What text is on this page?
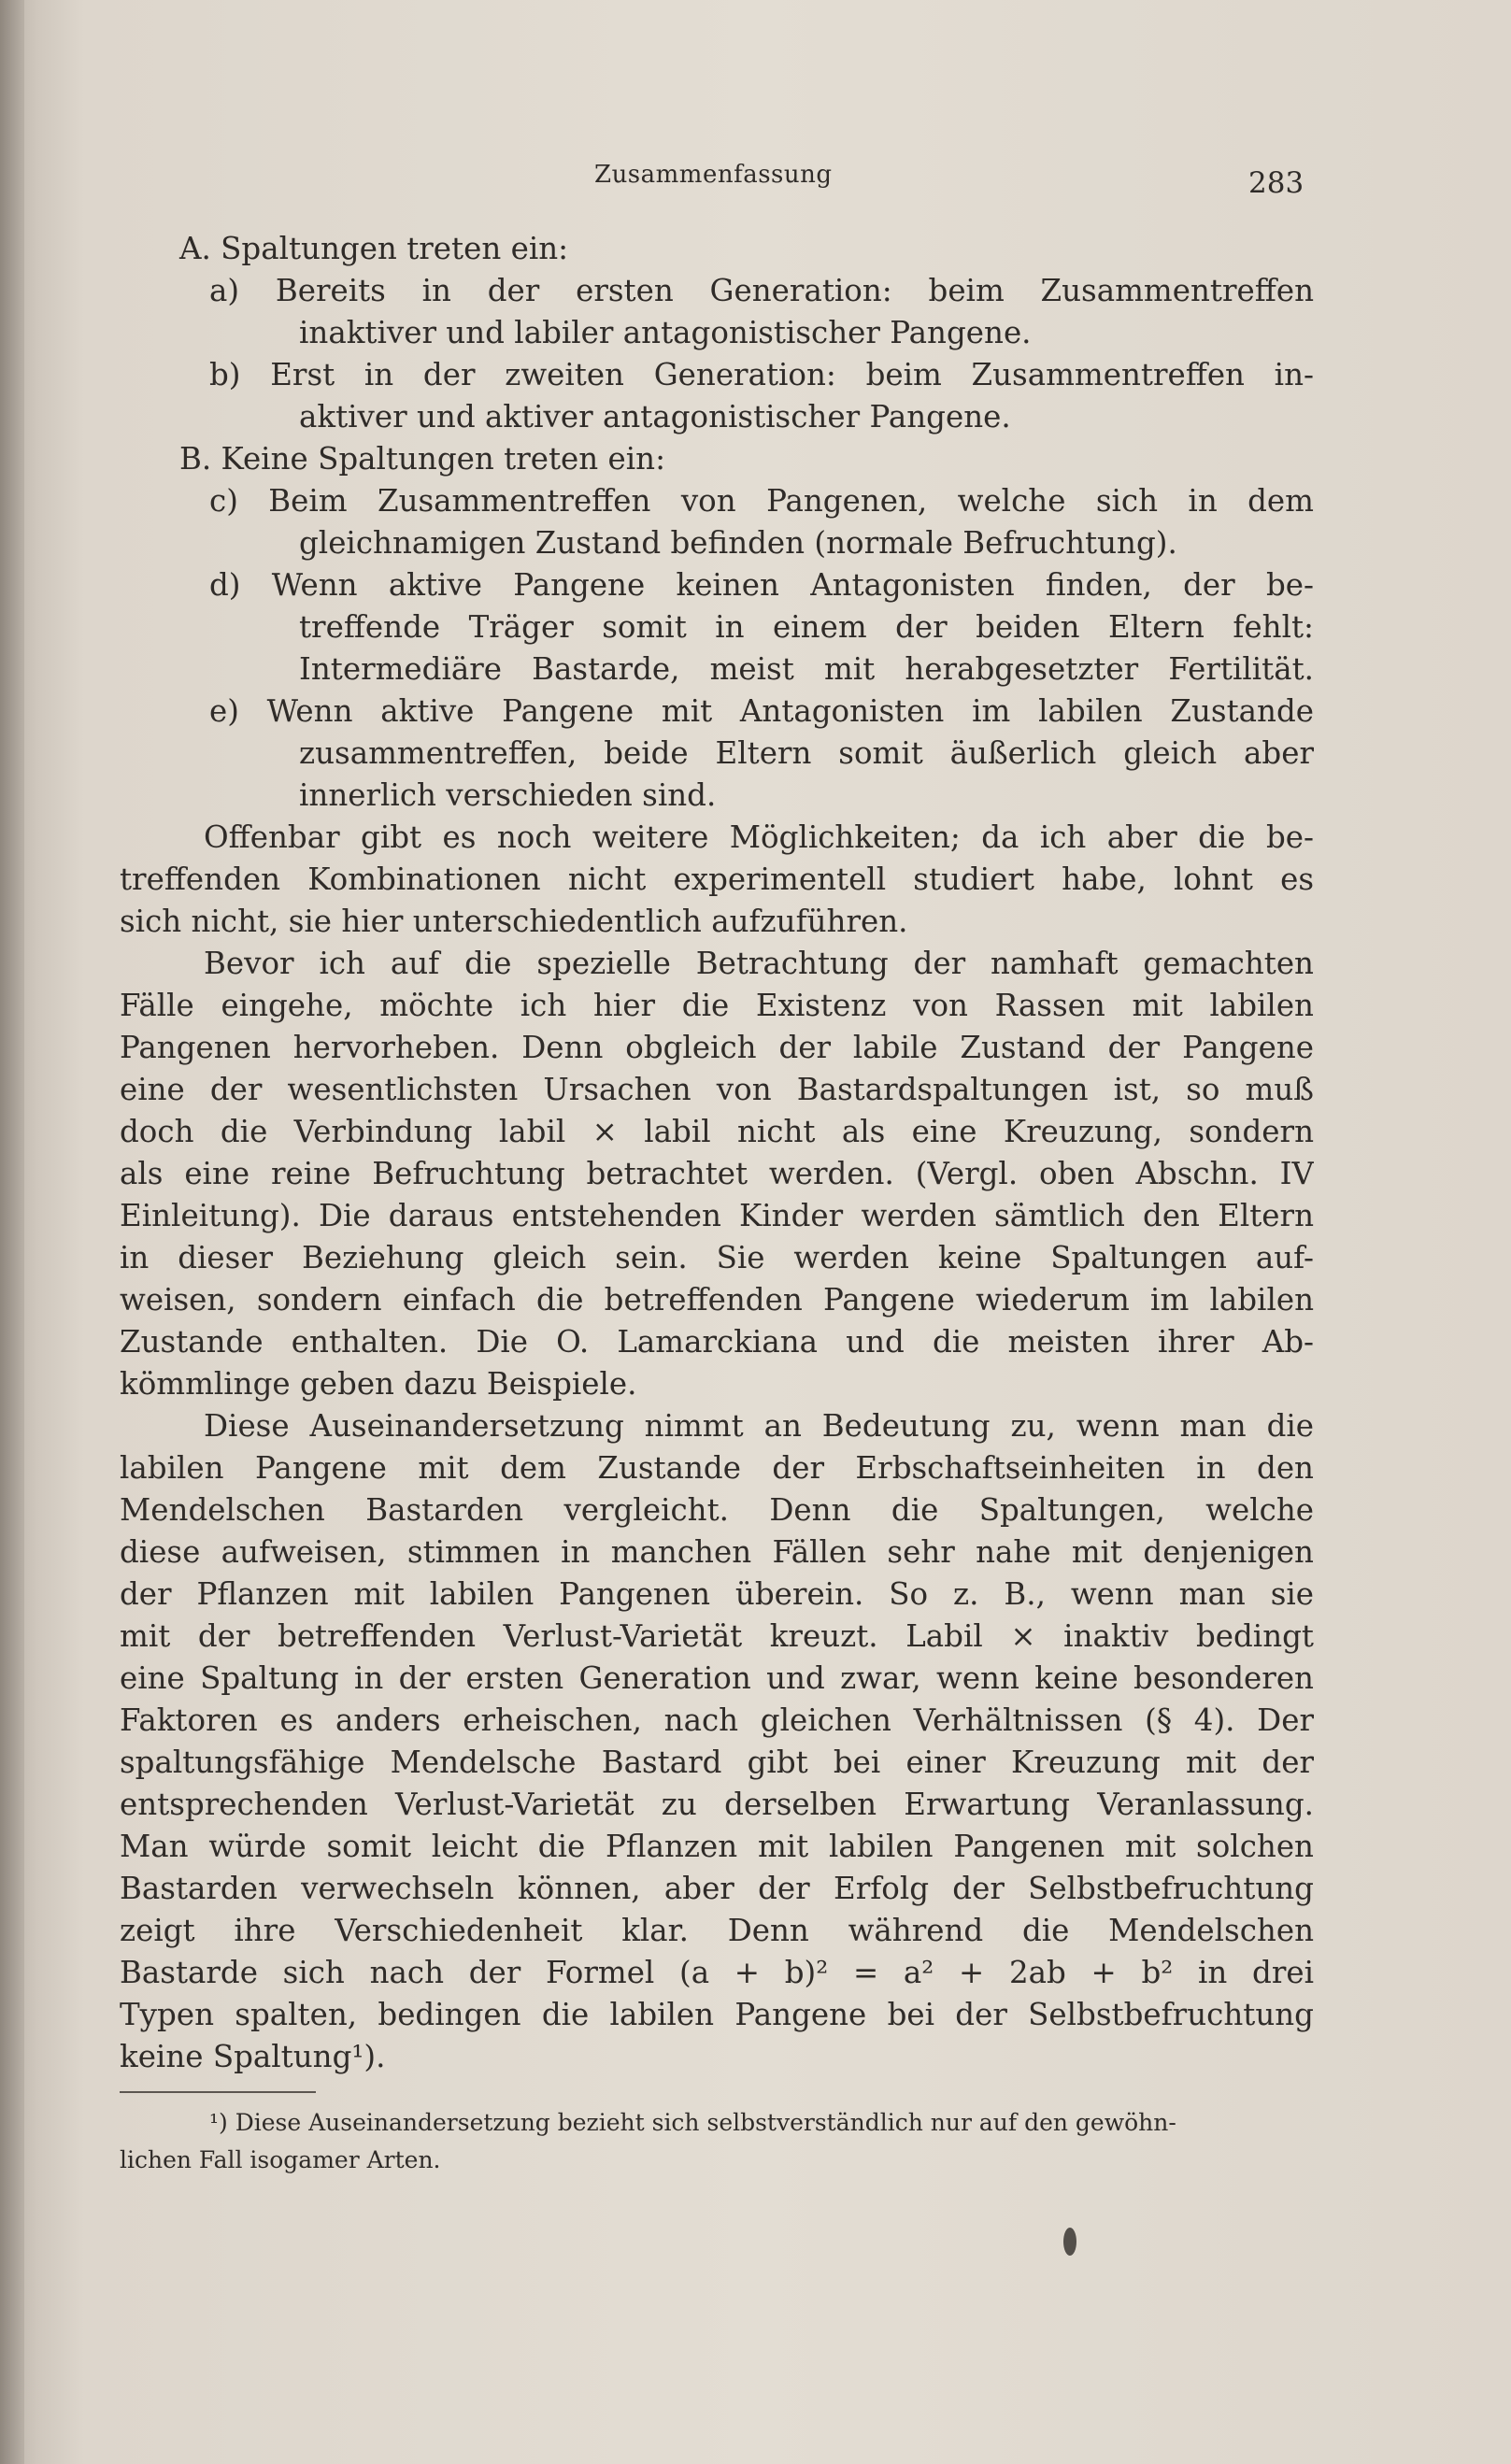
Zusammenfassung	283
A. Spaltungen treten ein:
a) Bereits in der ersten Generation: beim Zusammentreffen
inaktiver und labiler antagonistischer Pangene.
b) Erst in der zweiten Generation: beim Zusammentreffen in-
aktiver und aktiver antagonistischer Pangene.
B. Keine Spaltungen treten ein:
c) Beim Zusammentreffen von Pangenen, welche sich in dem
gleichnamigen Zustand befinden (normale Befruchtung).
d) Wenn aktive Pangene keinen Antagonisten finden, der be-
treffende Träger somit in einem der beiden Eltern fehlt:
Intermediäre Bastarde, meist mit herabgesetzter Fertilität.
e) Wenn aktive Pangene mit Antagonisten im labilen Zustande
zusammentreffen, beide Eltern somit äußerlich gleich aber
innerlich verschieden sind.
Offenbar gibt es noch weitere Möglichkeiten; da ich aber die be-
treffenden Kombinationen nicht experimentell studiert habe, lohnt es
sich nicht, sie hier unterschiedentlich aufzuführen.
Bevor ich auf die spezielle Betrachtung der namhaft gemachten
Fälle eingehe, möchte ich hier die Existenz von Rassen mit labilen
Pangenen hervorheben. Denn obgleich der labile Zustand der Pangene
eine der wesentlichsten Ursachen von Bastardspaltungen ist, so muß
doch die Verbindung labil × labil nicht als eine Kreuzung, sondern
als eine reine Befruchtung betrachtet werden. (Vergl. oben Abschn. IV
Einleitung). Die daraus entstehenden Kinder werden sämtlich den Eltern
in dieser Beziehung gleich sein. Sie werden keine Spaltungen auf-
weisen, sondern einfach die betreffenden Pangene wiederum im labilen
Zustande enthalten. Die O. Lamarckiana und die meisten ihrer Ab-
kömmlinge geben dazu Beispiele.
Diese Auseinandersetzung nimmt an Bedeutung zu, wenn man die
labilen Pangene mit dem Zustande der Erbschaftseinheiten in den
Mendelschen Bastarden vergleicht. Denn die Spaltungen, welche
diese aufweisen, stimmen in manchen Fällen sehr nahe mit denjenigen
der Pflanzen mit labilen Pangenen überein. So z. B., wenn man sie
mit der betreffenden Verlust-Varietät kreuzt. Labil × inaktiv bedingt
eine Spaltung in der ersten Generation und zwar, wenn keine besonderen
Faktoren es anders erheischen, nach gleichen Verhältnissen (§ 4). Der
spaltungsfähige Mendelsche Bastard gibt bei einer Kreuzung mit der
entsprechenden Verlust-Varietät zu derselben Erwartung Veranlassung.
Man würde somit leicht die Pflanzen mit labilen Pangenen mit solchen
Bastarden verwechseln können, aber der Erfolg der Selbstbefruchtung
zeigt ihre Verschiedenheit klar. Denn während die Mendelschen
Bastarde sich nach der Formel (a + b)² = a² + 2ab + b² in drei
Typen spalten, bedingen die labilen Pangene bei der Selbstbefruchtung
keine Spaltung¹).
¹) Diese Auseinandersetzung bezieht sich selbstverständlich nur auf den gewöhn-
lichen Fall isogamer Arten.
